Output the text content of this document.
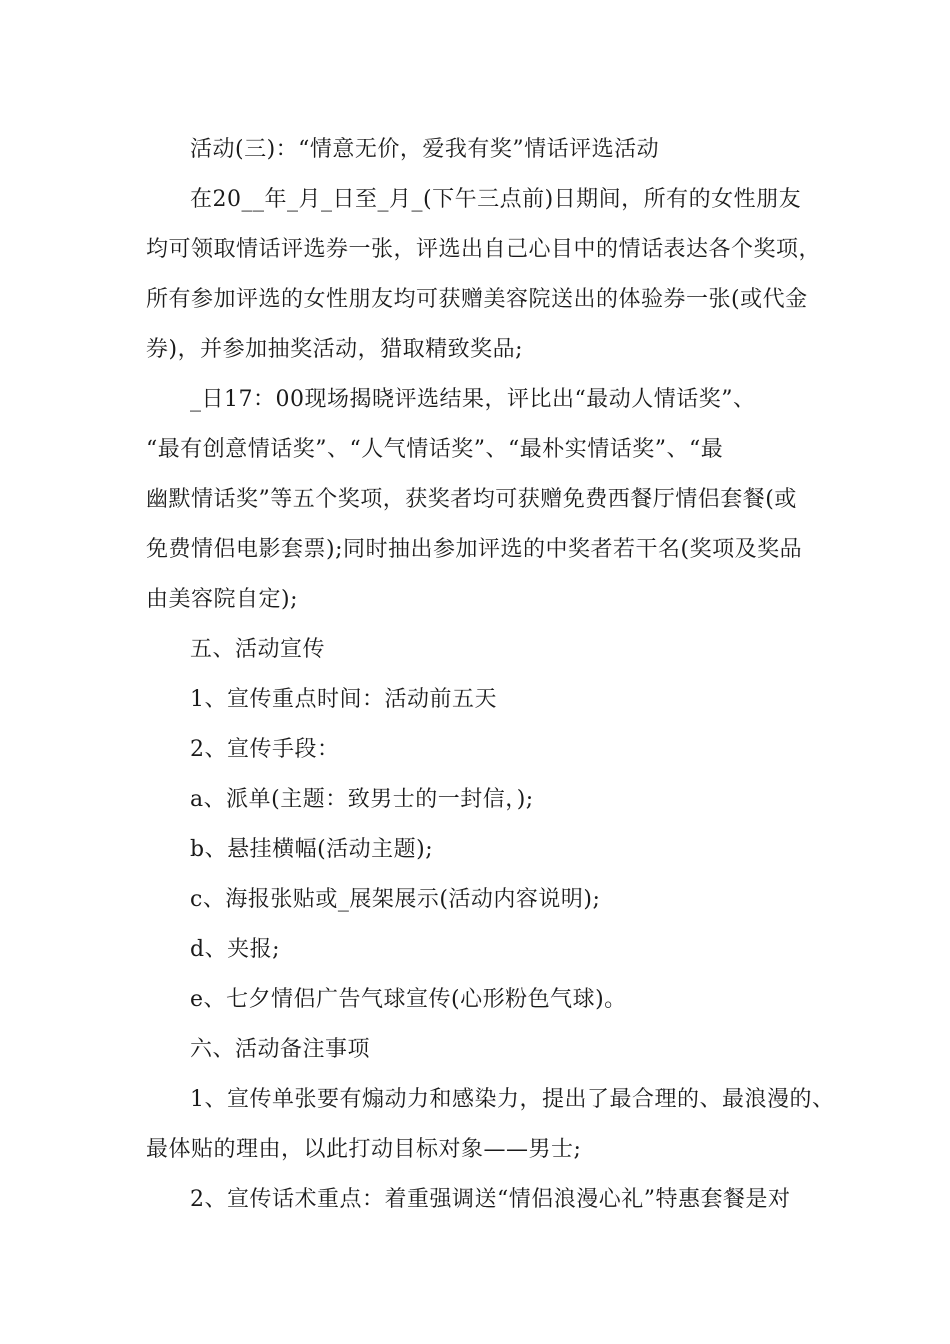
活动(三)：“情意无价，爱我有奖”情话评选活动
在20__年_月_日至_月_(下午三点前)日期间，所有的女性朋友
均可领取情话评选券一张，评选出自己心目中的情话表达各个奖项，
所有参加评选的女性朋友均可获赠美容院送出的体验券一张(或代金
券)，并参加抽奖活动，猎取精致奖品;
_日17：00现场揭晓评选结果，评比出“最动人情话奖”、
“最有创意情话奖”、“人气情话奖”、“最朴实情话奖”、“最
幽默情话奖”等五个奖项，获奖者均可获赠免费西餐厅情侣套餐(或
免费情侣电影套票);同时抽出参加评选的中奖者若干名(奖项及奖品
由美容院自定);
五、活动宣传
1、宣传重点时间：活动前五天
2、宣传手段：
a、派单(主题：致男士的一封信，);
b、悬挂横幅(活动主题);
c、海报张贴或_展架展示(活动内容说明);
d、夹报;
e、七夕情侣广告气球宣传(心形粉色气球)。
六、活动备注事项
1、宣传单张要有煽动力和感染力，提出了最合理的、最浪漫的、
最体贴的理由，以此打动目标对象——男士;
2、宣传话术重点：着重强调送“情侣浪漫心礼”特惠套餐是对
